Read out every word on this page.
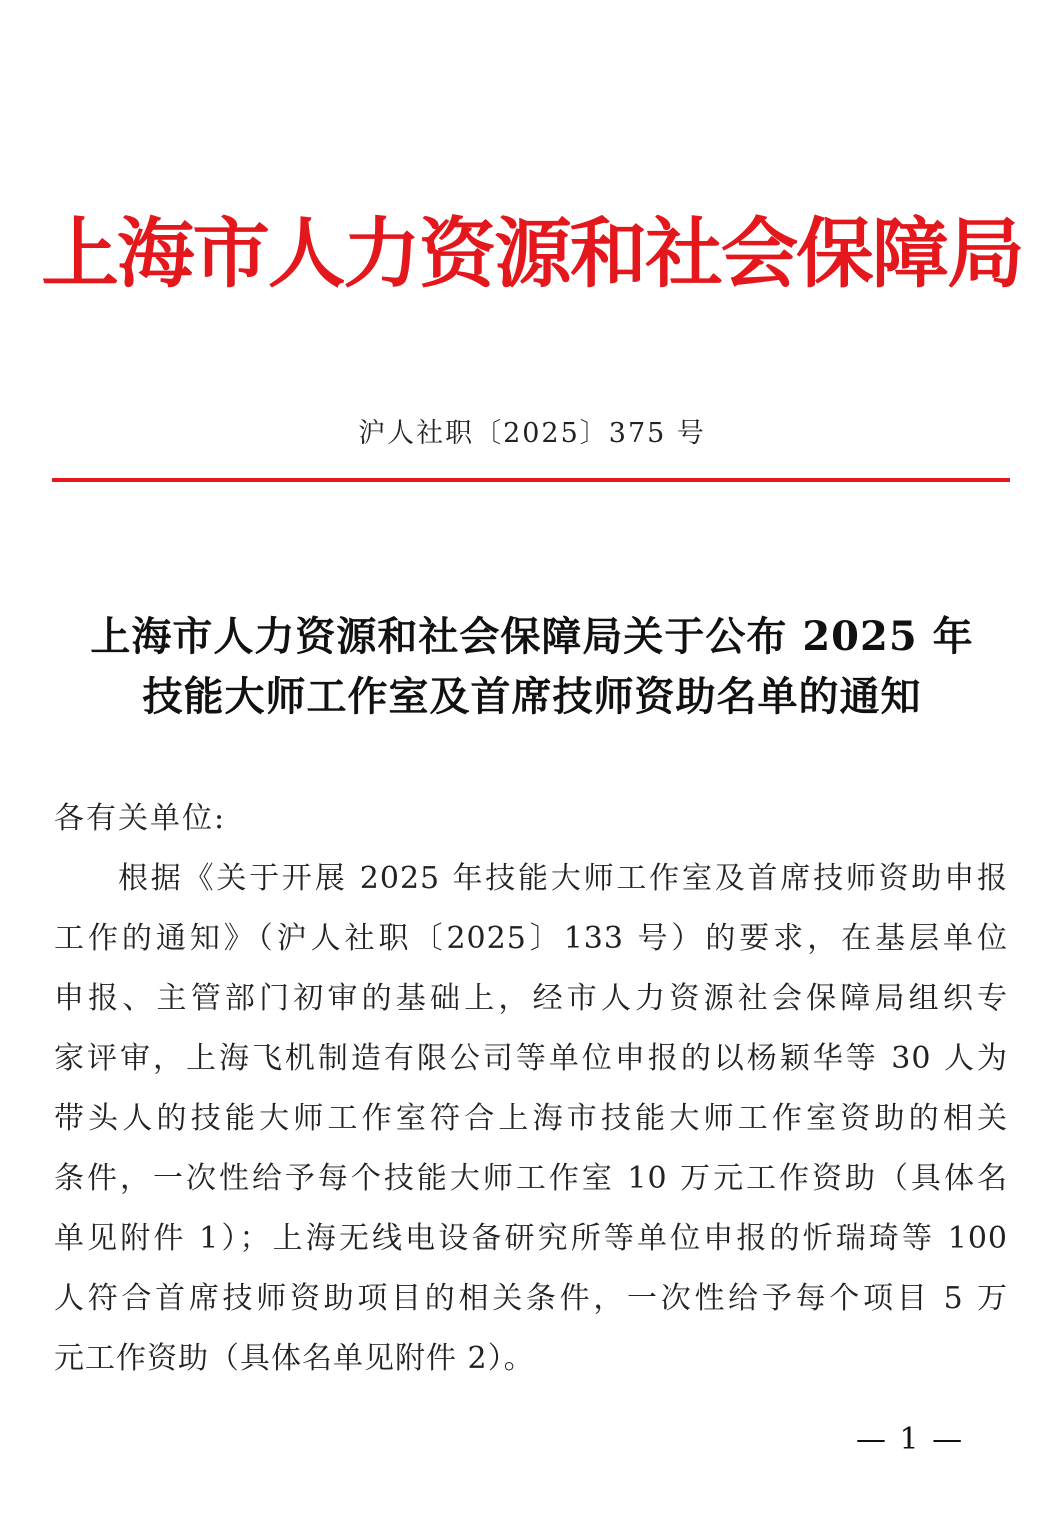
上海市人力资源和社会保障局
沪人社职〔2025〕375 号
上海市人力资源和社会保障局关于公布 2025 年
技能大师工作室及首席技师资助名单的通知
各有关单位:
根据《关于开展 2025 年技能大师工作室及首席技师资助申报
工作的通知》（沪人社职〔2025〕133 号）的要求，在基层单位
申报、主管部门初审的基础上，经市人力资源社会保障局组织专
家评审，上海飞机制造有限公司等单位申报的以杨颖华等 30 人为
带头人的技能大师工作室符合上海市技能大师工作室资助的相关
条件，一次性给予每个技能大师工作室 10 万元工作资助（具体名
单见附件 1）；上海无线电设备研究所等单位申报的忻瑞琦等 100
人符合首席技师资助项目的相关条件，一次性给予每个项目 5 万
元工作资助（具体名单见附件 2）。
— 1 —
